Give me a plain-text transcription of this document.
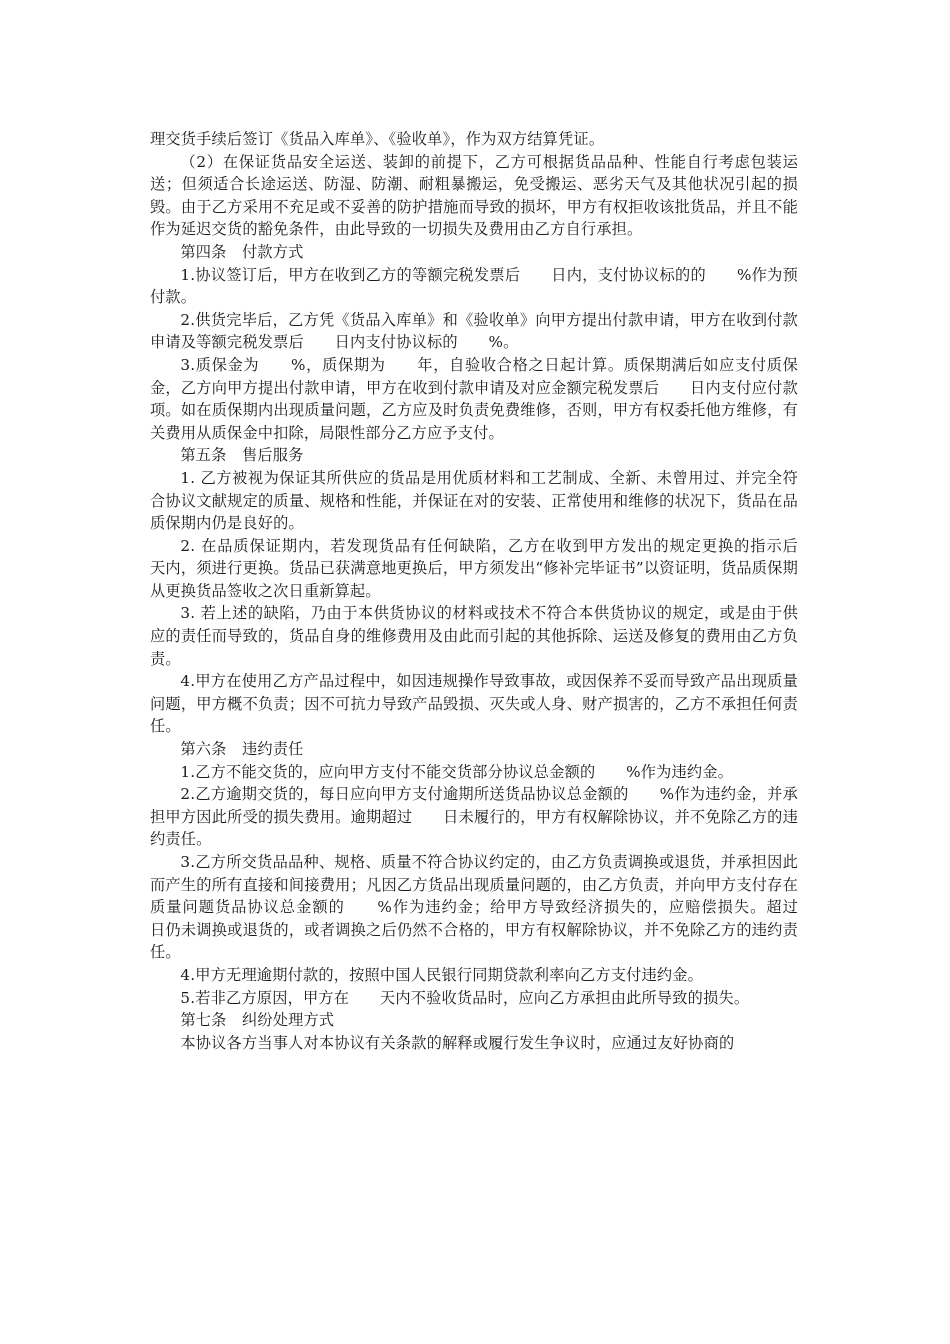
理交货手续后签订《货品入库单》、《验收单》，作为双方结算凭证。

（2）在保证货品安全运送、装卸的前提下，乙方可根据货品品种、性能自行考虑包装运送；但须适合长途运送、防湿、防潮、耐粗暴搬运，免受搬运、恶劣天气及其他状况引起的损毁。由于乙方采用不充足或不妥善的防护措施而导致的损坏，甲方有权拒收该批货品，并且不能作为延迟交货的豁免条件，由此导致的一切损失及费用由乙方自行承担。

第四条　付款方式

1.协议签订后，甲方在收到乙方的等额完税发票后　　日内，支付协议标的的　　%作为预付款。

2.供货完毕后，乙方凭《货品入库单》和《验收单》向甲方提出付款申请，甲方在收到付款申请及等额完税发票后　　日内支付协议标的　　%。

3.质保金为　　%，质保期为　　年，自验收合格之日起计算。质保期满后如应支付质保金，乙方向甲方提出付款申请，甲方在收到付款申请及对应金额完税发票后　　日内支付应付款项。如在质保期内出现质量问题，乙方应及时负责免费维修，否则，甲方有权委托他方维修，有关费用从质保金中扣除，局限性部分乙方应予支付。

第五条　售后服务

1. 乙方被视为保证其所供应的货品是用优质材料和工艺制成、全新、未曾用过、并完全符合协议文献规定的质量、规格和性能，并保证在对的安装、正常使用和维修的状况下，货品在品质保期内仍是良好的。

2. 在品质保证期内，若发现货品有任何缺陷，乙方在收到甲方发出的规定更换的指示后　　天内，须进行更换。货品已获满意地更换后，甲方须发出“修补完毕证书”以资证明，货品质保期从更换货品签收之次日重新算起。

3. 若上述的缺陷，乃由于本供货协议的材料或技术不符合本供货协议的规定，或是由于供应的责任而导致的，货品自身的维修费用及由此而引起的其他拆除、运送及修复的费用由乙方负责。

4.甲方在使用乙方产品过程中，如因违规操作导致事故，或因保养不妥而导致产品出现质量问题，甲方概不负责；因不可抗力导致产品毁损、灭失或人身、财产损害的，乙方不承担任何责任。

第六条　违约责任

1.乙方不能交货的，应向甲方支付不能交货部分协议总金额的　　%作为违约金。

2.乙方逾期交货的，每日应向甲方支付逾期所送货品协议总金额的　　%作为违约金，并承担甲方因此所受的损失费用。逾期超过　　日未履行的，甲方有权解除协议，并不免除乙方的违约责任。

3.乙方所交货品品种、规格、质量不符合协议约定的，由乙方负责调换或退货，并承担因此而产生的所有直接和间接费用；凡因乙方货品出现质量问题的，由乙方负责，并向甲方支付存在质量问题货品协议总金额的　　%作为违约金；给甲方导致经济损失的，应赔偿损失。超过　　日仍未调换或退货的，或者调换之后仍然不合格的，甲方有权解除协议，并不免除乙方的违约责任。

4.甲方无理逾期付款的，按照中国人民银行同期贷款利率向乙方支付违约金。

5.若非乙方原因，甲方在　　天内不验收货品时，应向乙方承担由此所导致的损失。

第七条　纠纷处理方式

本协议各方当事人对本协议有关条款的解释或履行发生争议时，应通过友好协商的
